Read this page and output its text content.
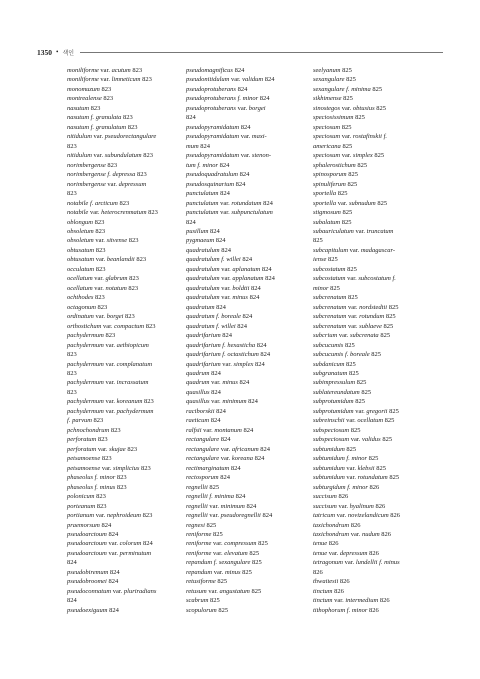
1350 • 색인
moniliforme var. acutum 823
moniliforme var. limneticum 823
monomuzum 823
montrealense 823
nasutum 823
nasutum f. granulata 823
nasutum f. granulatum 823
nitidulum var. pseudorectangulare
823
nitidulum var. subundulatum 823
norimbergense 823
norimbergense f. depressa 823
norimbergense var. depressum
823
notabile f. arcticum 823
notabile var. heterocrenmatum 823
oblongum 823
obsoletum 823
obsoletum var. sitvense 823
obtusatum 823
obtusatum var. beanlandii 823
occulatum 823
ocellatum var. glabrum 823
ocellatum var. notatum 823
ochthodes 823
octagonum 823
ordinatum var. borgei 823
orthostichum var. compactum 823
pachydermum 823
pachydermum var. aethiopicum
823
pachydermum var. complanatum
823
pachydermum var. incrassatum
823
pachydermum var. koreanum 823
pachydermum var. pachydermum
f. parvum 823
pchnochondrum 823
perforatum 823
perforatum var. skujae 823
petsamoense 823
petsamoense var. simplicius 823
phaseolus f. minor 823
phaseolus f. minus 823
polonicum 823
porteanum 823
portianum var. nephroideum 823
praemorsum 824
pseudoarctoum 824
pseudoarctoum var. colorum 824
pseudoarctoum var. perminutum
824
pseudobiremum 824
pseudobroomei 824
pseudoconnatum var. pluriradians
824
pseudoexiguum 824
pseudomagnificus 824
pseudonitidulum var. validum 824
pseudoprotuberans 824
pseudoprotuberans f. minor 824
pseudoprotuberans var. borgei
824
pseudopyramidatum 824
pseudopyramidatum var. maxi-
mum 824
pseudopyramidatum var. stenon-
tum f. minor 824
pseudoquadratulum 824
pseudosquinarium 824
punctulatum 824
punctulatum var. rotundatum 824
punctulatum var. subpunctulatum
824
pusillum 824
pygmaeum 824
quadratulum 824
quadratulum f. willei 824
quadratulum var. aplanatum 824
quadratulum var. applanatum 824
quadratulum var. boldtii 824
quadratulum var. minus 824
quadratum 824
quadratum f. boreale 824
quadratum f. willei 824
quadrifarium 824
quadrifarium f. hexasticha 824
quadrifarium f. octastichum 824
quadrifarium var. simplex 824
quadrum 824
quadrum var. minus 824
quasillus 824
quasillus var. minimum 824
raciborskii 824
raeticum 824
ralfsii var. montanum 824
rectangulare 824
rectangulare var. africanum 824
rectangulare var. koreana 824
rectimarginatum 824
rectosporum 824
regnellii 825
regnellii f. minima 824
regnellii var. minimum 824
regnellii var. pseudoregnellii 824
regnesi 825
reniforme 825
reniforme var. compressum 825
reniforme var. elevatum 825
repandum f. sexangulare 825
repandum var. minus 825
retusiforme 825
retusum var. angustatum 825
scabrum 825
scopulorum 825
seelyanum 825
sexangulare 825
sexangulare f. minima 825
sikhimense 825
sinostegos var. obtusius 825
speciosissimum 825
speciosum 825
speciosum var. rostafinskii f.
americana 825
speciosum var. simplex 825
sphalerostichum 825
spinosporum 825
spinuliferum 825
sportella 825
sportella var. subnudum 825
stigmosum 825
subalatum 825
subauriculatum var. truncatum
825
subcapitulum var. madagascar-
iense 825
subcostatum 825
subcostatum var. subcostatum f.
minor 825
subcrenatum 825
subcrenatum var. nordstedtii 825
subcrenatum var. rotundum 825
subcrenatum var. sublaeve 825
subcrium var. subcrenata 825
subcucumis 825
subcucumis f. boreale 825
subdanicum 825
subgranatum 825
subimpressulum 825
sublatereundatum 825
subprotumidum 825
subprotumidum var. gregorii 825
subreinschii var. ocellatum 825
subspeciosum 825
subspeciosum var. validus 825
subtumidum 825
subtumidum f. minor 825
subtumidum var. klebsii 825
subtumidum var. rotundatum 825
subturgidum f. minor 826
succisum 826
succisum var. hyalinum 826
tatricum var. novizelandicum 826
taxichondrum 826
taxichondrum var. nudum 826
tenue 826
tenue var. depressum 826
tetragonum var. lundellii f. minus
826
thwaitesii 826
tinctum 826
tinctum var. intermedium 826
tithophorum f. minor 826
